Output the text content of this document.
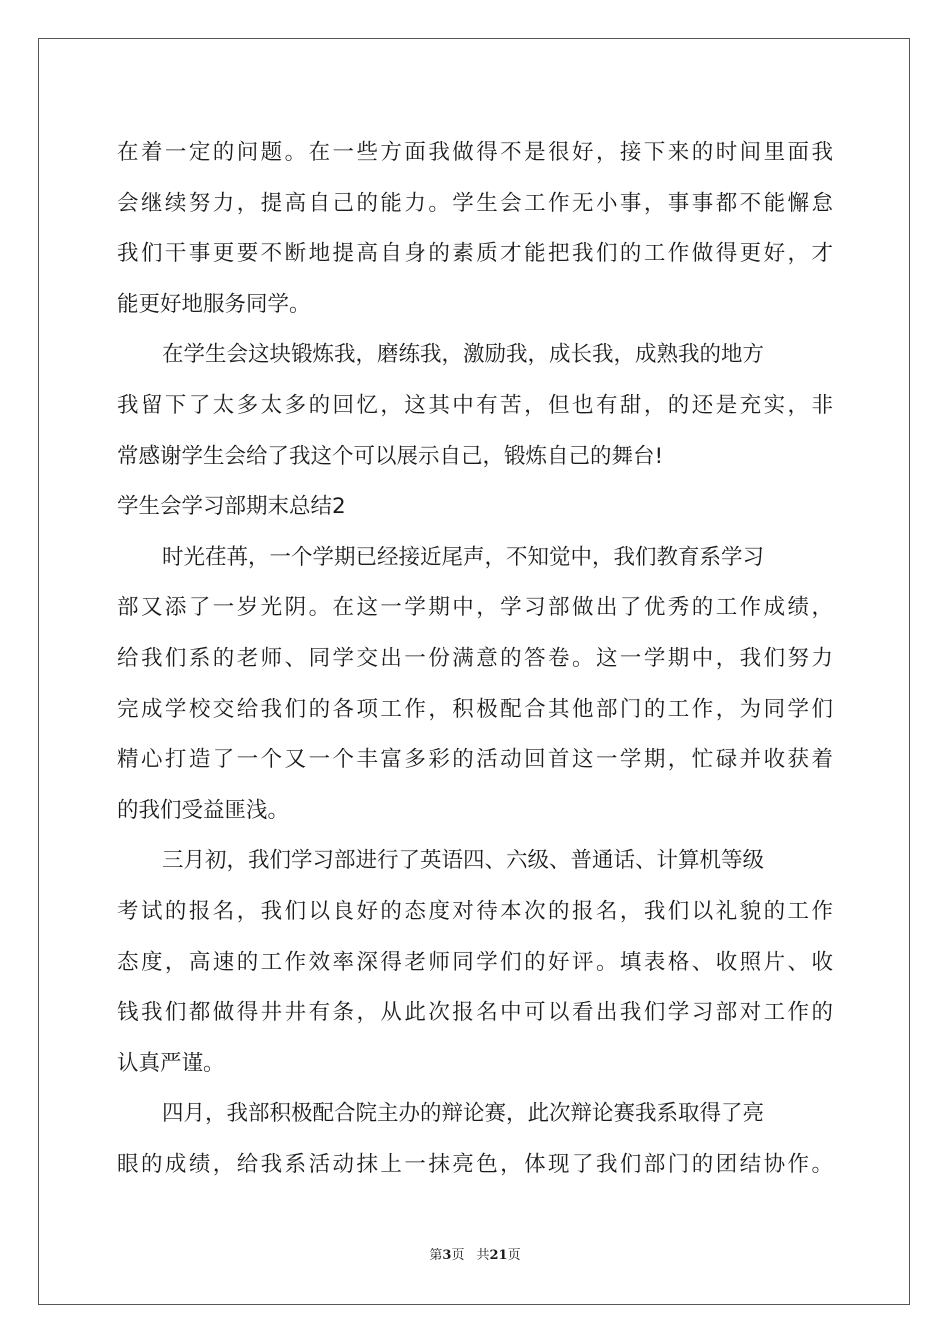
在着一定的问题。在一些方面我做得不是很好，接下来的时间里面我
会继续努力，提高自己的能力。学生会工作无小事，事事都不能懈怠
我们干事更要不断地提高自身的素质才能把我们的工作做得更好，才
能更好地服务同学。
在学生会这块锻炼我，磨练我，激励我，成长我，成熟我的地方
我留下了太多太多的回忆，这其中有苦，但也有甜，的还是充实，非
常感谢学生会给了我这个可以展示自己，锻炼自己的舞台!
学生会学习部期末总结2
时光荏苒，一个学期已经接近尾声，不知觉中，我们教育系学习
部又添了一岁光阴。在这一学期中，学习部做出了优秀的工作成绩，
给我们系的老师、同学交出一份满意的答卷。这一学期中，我们努力
完成学校交给我们的各项工作，积极配合其他部门的工作，为同学们
精心打造了一个又一个丰富多彩的活动回首这一学期，忙碌并收获着
的我们受益匪浅。
三月初，我们学习部进行了英语四、六级、普通话、计算机等级
考试的报名，我们以良好的态度对待本次的报名，我们以礼貌的工作
态度，高速的工作效率深得老师同学们的好评。填表格、收照片、收
钱我们都做得井井有条，从此次报名中可以看出我们学习部对工作的
认真严谨。
四月，我部积极配合院主办的辩论赛，此次辩论赛我系取得了亮
眼的成绩，给我系活动抹上一抹亮色，体现了我们部门的团结协作。
第3页 共21页
